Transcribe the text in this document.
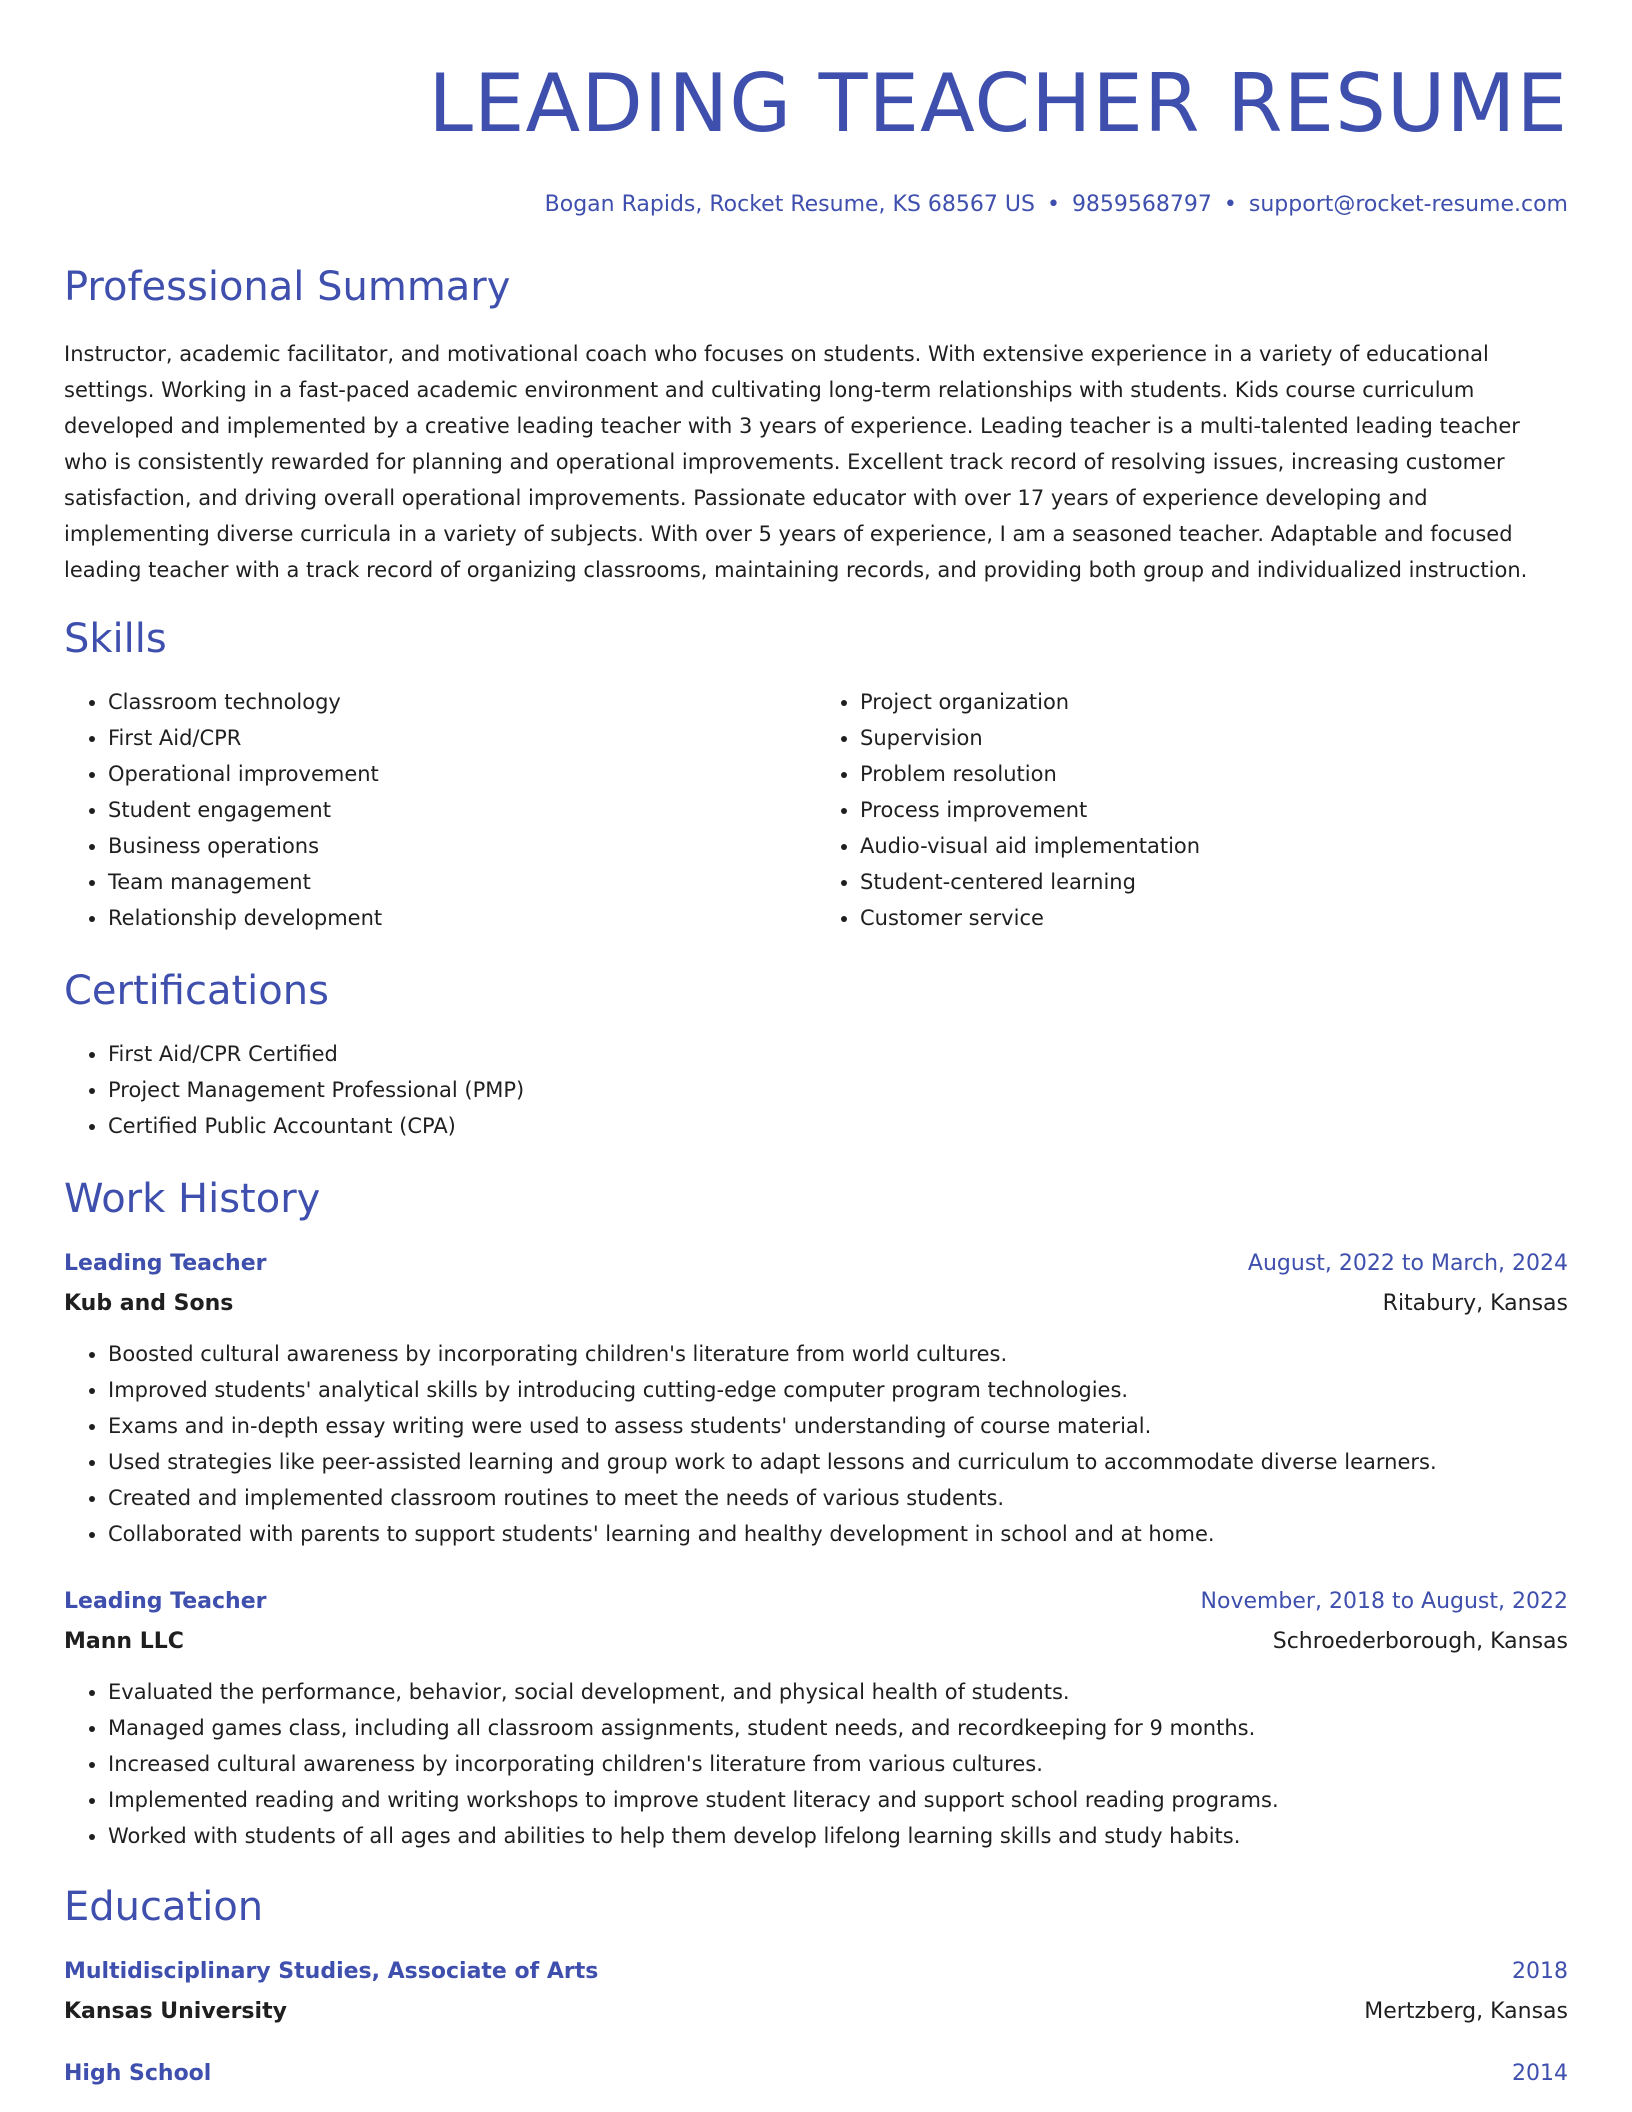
LEADING TEACHER RESUME
Bogan Rapids, Rocket Resume, KS 68567 US • 9859568797 • support@rocket-resume.com
Professional Summary

Instructor, academic facilitator, and motivational coach who focuses on students. With extensive experience in a variety of educational settings. Working in a fast-paced academic environment and cultivating long-term relationships with students. Kids course curriculum developed and implemented by a creative leading teacher with 3 years of experience. Leading teacher is a multi-talented leading teacher who is consistently rewarded for planning and operational improvements. Excellent track record of resolving issues, increasing customer satisfaction, and driving overall operational improvements. Passionate educator with over 17 years of experience developing and implementing diverse curricula in a variety of subjects. With over 5 years of experience, I am a seasoned teacher. Adaptable and focused leading teacher with a track record of organizing classrooms, maintaining records, and providing both group and individualized instruction.

Skills
• Classroom technology
• First Aid/CPR
• Operational improvement
• Student engagement
• Business operations
• Team management
• Relationship development
• Project organization
• Supervision
• Problem resolution
• Process improvement
• Audio-visual aid implementation
• Student-centered learning
• Customer service
Certifications
• First Aid/CPR Certified
• Project Management Professional (PMP)
• Certified Public Accountant (CPA)
Work History
Leading Teacher	August, 2022 to March, 2024
Kub and Sons	Ritabury, Kansas
• Boosted cultural awareness by incorporating children's literature from world cultures.
• Improved students' analytical skills by introducing cutting-edge computer program technologies.
• Exams and in-depth essay writing were used to assess students' understanding of course material.
• Used strategies like peer-assisted learning and group work to adapt lessons and curriculum to accommodate diverse learners.
• Created and implemented classroom routines to meet the needs of various students.
• Collaborated with parents to support students' learning and healthy development in school and at home.
Leading Teacher	November, 2018 to August, 2022
Mann LLC	Schroederborough, Kansas
• Evaluated the performance, behavior, social development, and physical health of students.
• Managed games class, including all classroom assignments, student needs, and recordkeeping for 9 months.
• Increased cultural awareness by incorporating children's literature from various cultures.
• Implemented reading and writing workshops to improve student literacy and support school reading programs.
• Worked with students of all ages and abilities to help them develop lifelong learning skills and study habits.
Education
Multidisciplinary Studies, Associate of Arts	2018
Kansas University	Mertzberg, Kansas
High School	2014
